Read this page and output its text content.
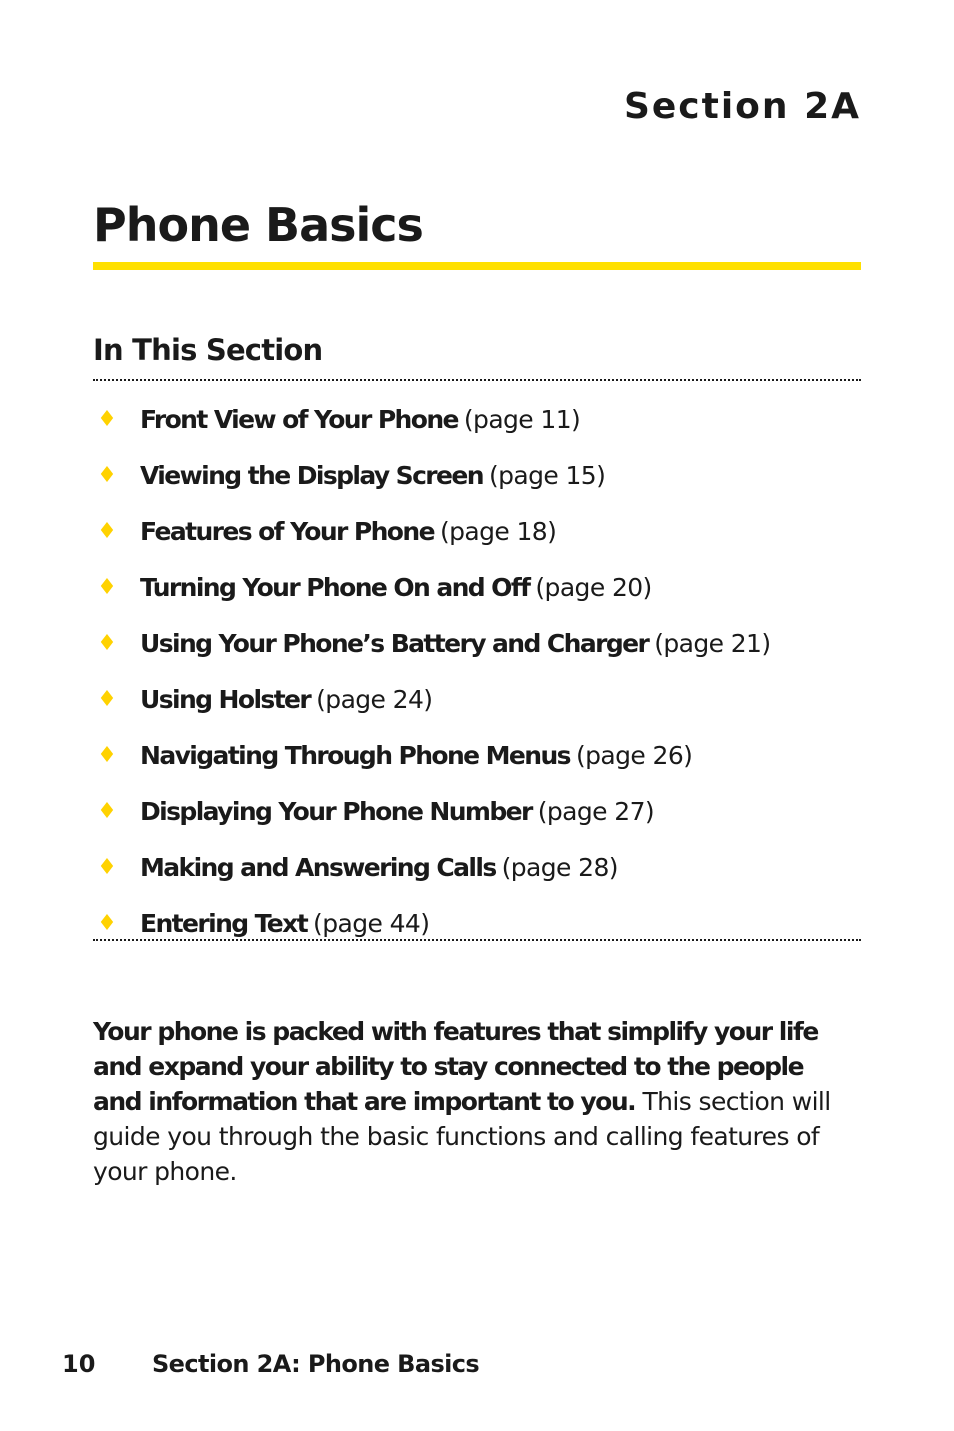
Section 2A
Phone Basics
In This Section
♦ Front View of Your Phone (page 11)
♦ Viewing the Display Screen (page 15)
♦ Features of Your Phone (page 18)
♦ Turning Your Phone On and Off (page 20)
♦ Using Your Phone’s Battery and Charger (page 21)
♦ Using Holster (page 24)
♦ Navigating Through Phone Menus (page 26)
♦ Displaying Your Phone Number (page 27)
♦ Making and Answering Calls (page 28)
♦ Entering Text (page 44)

Your phone is packed with features that simplify your life and expand your ability to stay connected to the people and information that are important to you. This section will guide you through the basic functions and calling features of your phone.

10 Section 2A: Phone Basics
